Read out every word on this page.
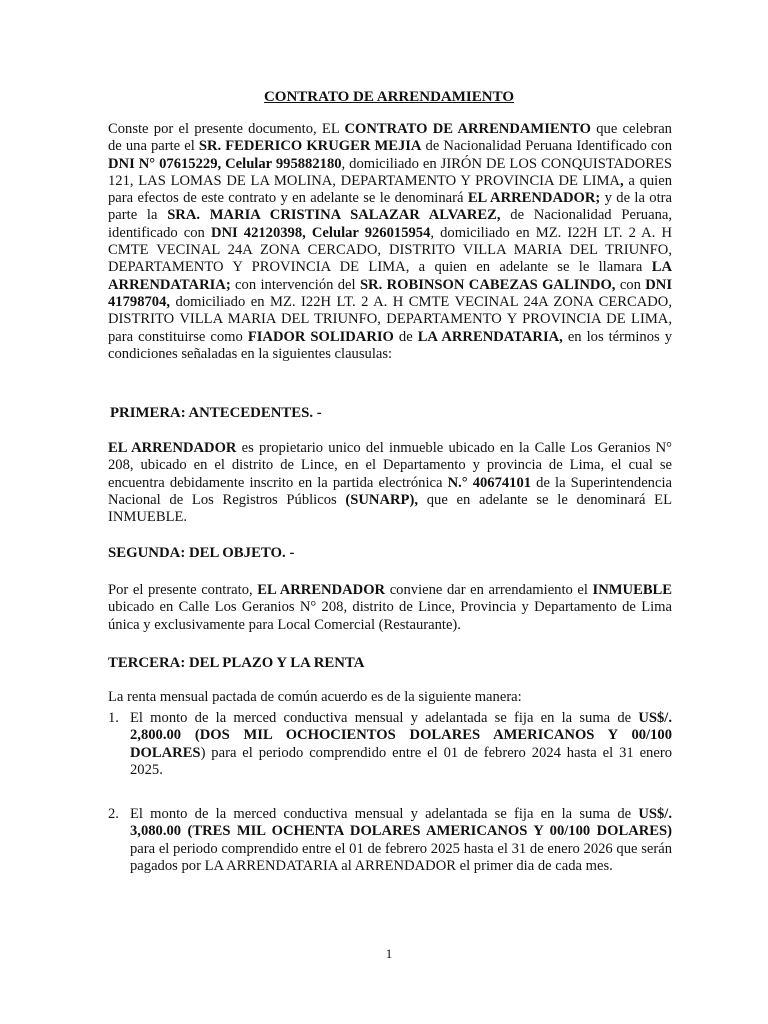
CONTRATO DE ARRENDAMIENTO

Conste por el presente documento, EL CONTRATO DE ARRENDAMIENTO que celebran de una parte el SR. FEDERICO KRUGER MEJIA de Nacionalidad Peruana Identificado con DNI N° 07615229, Celular 995882180, domiciliado en JIRÓN DE LOS CONQUISTADORES 121, LAS LOMAS DE LA MOLINA, DEPARTAMENTO Y PROVINCIA DE LIMA, a quien para efectos de este contrato y en adelante se le denominará EL ARRENDADOR; y de la otra parte la SRA. MARIA CRISTINA SALAZAR ALVAREZ, de Nacionalidad Peruana, identificado con DNI 42120398, Celular 926015954, domiciliado en MZ. I22H LT. 2 A. H CMTE VECINAL 24A ZONA CERCADO, DISTRITO VILLA MARIA DEL TRIUNFO, DEPARTAMENTO Y PROVINCIA DE LIMA, a quien en adelante se le llamara LA ARRENDATARIA; con intervención del SR. ROBINSON CABEZAS GALINDO, con DNI 41798704, domiciliado en MZ. I22H LT. 2 A. H CMTE VECINAL 24A ZONA CERCADO, DISTRITO VILLA MARIA DEL TRIUNFO, DEPARTAMENTO Y PROVINCIA DE LIMA, para constituirse como FIADOR SOLIDARIO de LA ARRENDATARIA, en los términos y condiciones señaladas en la siguientes clausulas:

PRIMERA: ANTECEDENTES. -

EL ARRENDADOR es propietario unico del inmueble ubicado en la Calle Los Geranios N° 208, ubicado en el distrito de Lince, en el Departamento y provincia de Lima, el cual se encuentra debidamente inscrito en la partida electrónica N.° 40674101 de la Superintendencia Nacional de Los Registros Públicos (SUNARP), que en adelante se le denominará EL INMUEBLE.

SEGUNDA: DEL OBJETO. -

Por el presente contrato, EL ARRENDADOR conviene dar en arrendamiento el INMUEBLE ubicado en Calle Los Geranios N° 208, distrito de Lince, Provincia y Departamento de Lima única y exclusivamente para Local Comercial (Restaurante).

TERCERA: DEL PLAZO Y LA RENTA

La renta mensual pactada de común acuerdo es de la siguiente manera:

1. El monto de la merced conductiva mensual y adelantada se fija en la suma de US$/. 2,800.00 (DOS MIL OCHOCIENTOS DOLARES AMERICANOS Y 00/100 DOLARES) para el periodo comprendido entre el 01 de febrero 2024 hasta el 31 enero 2025.

2. El monto de la merced conductiva mensual y adelantada se fija en la suma de US$/. 3,080.00 (TRES MIL OCHENTA DOLARES AMERICANOS Y 00/100 DOLARES) para el periodo comprendido entre el 01 de febrero 2025 hasta el 31 de enero 2026 que serán pagados por LA ARRENDATARIA al ARRENDADOR el primer dia de cada mes.

1
